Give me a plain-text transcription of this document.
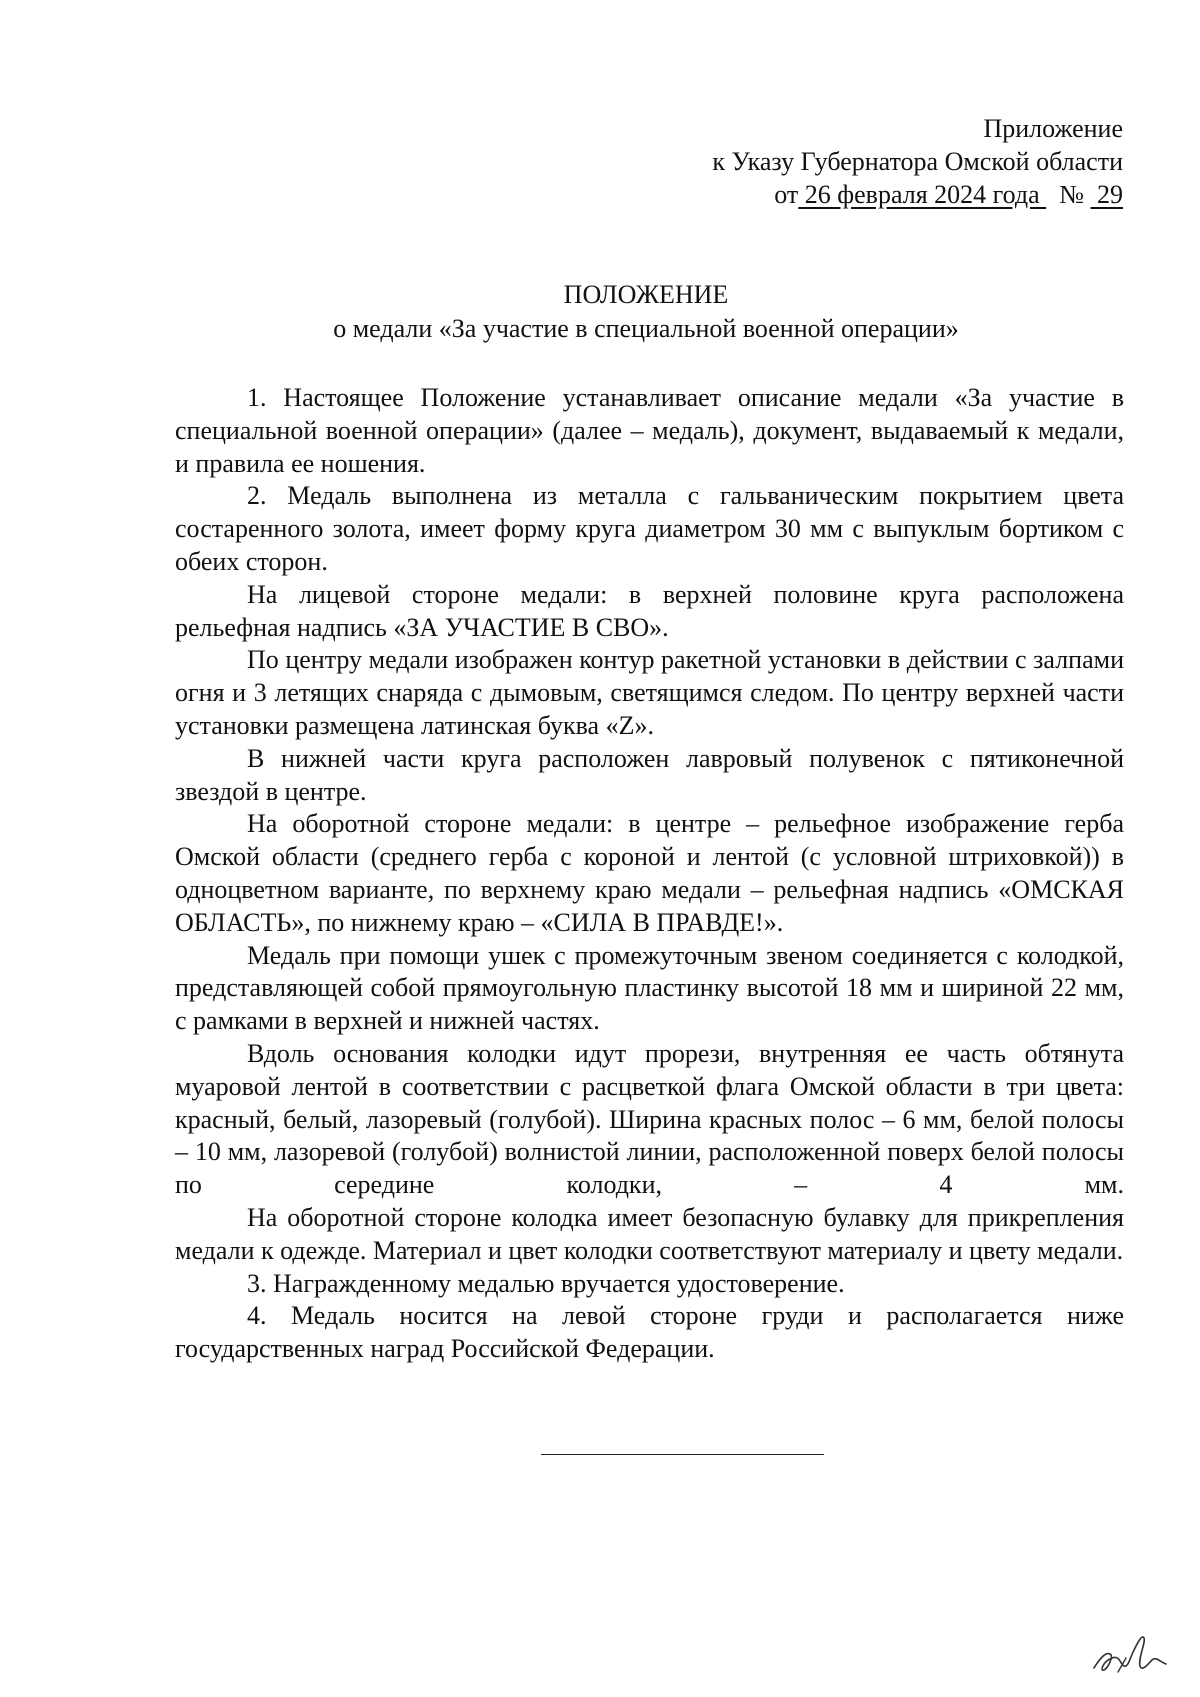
Приложение
к Указу Губернатора Омской области
от 26 февраля 2024 года   №  29
ПОЛОЖЕНИЕ
о медали «За участие в специальной военной операции»

1. Настоящее Положение устанавливает описание медали «За участие в специальной военной операции» (далее – медаль), документ, выдаваемый к медали, и правила ее ношения.

2. Медаль выполнена из металла с гальваническим покрытием цвета состаренного золота, имеет форму круга диаметром 30 мм с выпуклым бортиком с обеих сторон.

На лицевой стороне медали: в верхней половине круга расположена рельефная надпись «ЗА УЧАСТИЕ В СВО».

По центру медали изображен контур ракетной установки в действии с залпами огня и 3 летящих снаряда с дымовым, светящимся следом. По центру верхней части установки размещена латинская буква «Z».

В нижней части круга расположен лавровый полувенок с пятиконечной звездой в центре.

На оборотной стороне медали: в центре – рельефное изображение герба Омской области (среднего герба с короной и лентой (с условной штриховкой)) в одноцветном варианте, по верхнему краю медали – рельефная надпись «ОМСКАЯ ОБЛАСТЬ», по нижнему краю – «СИЛА В ПРАВДЕ!».

Медаль при помощи ушек с промежуточным звеном соединяется с колодкой, представляющей собой прямоугольную пластинку высотой 18 мм и шириной 22 мм, с рамками в верхней и нижней частях.

Вдоль основания колодки идут прорези, внутренняя ее часть обтянута муаровой лентой в соответствии с расцветкой флага Омской области в три цвета: красный, белый, лазоревый (голубой). Ширина красных полос – 6 мм, белой полосы – 10 мм, лазоревой (голубой) волнистой линии, расположенной поверх белой полосы по середине колодки, – 4 мм.

На оборотной стороне колодка имеет безопасную булавку для прикрепления медали к одежде. Материал и цвет колодки соответствуют материалу и цвету медали.

3. Награжденному медалью вручается удостоверение.

4. Медаль носится на левой стороне груди и располагается ниже государственных наград Российской Федерации.
